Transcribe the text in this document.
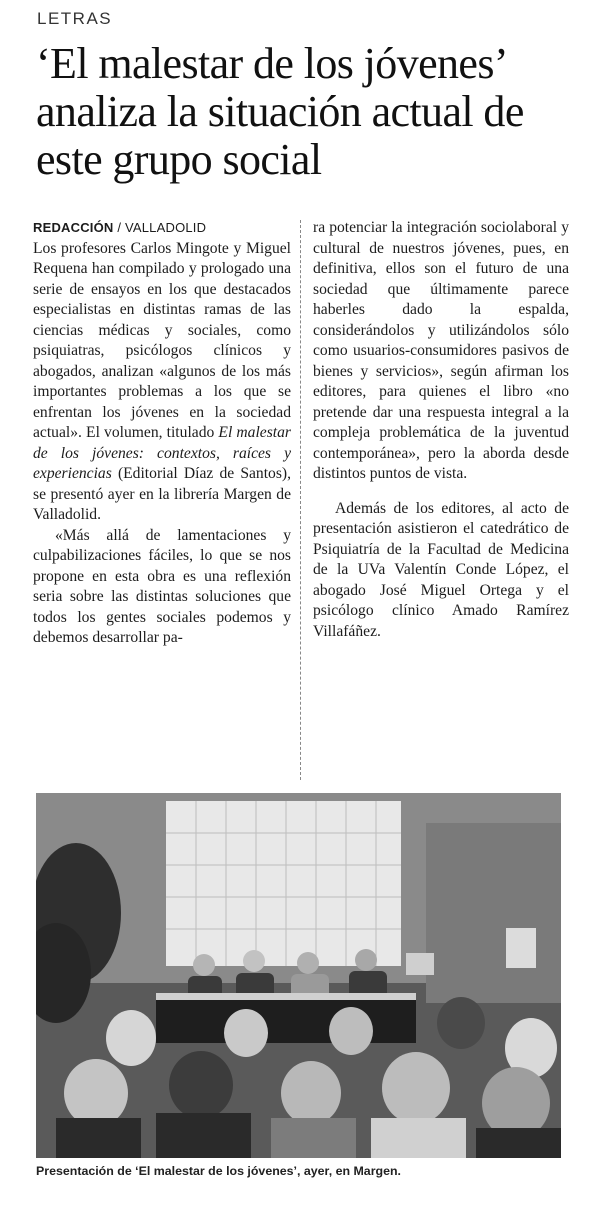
LETRAS
‘El malestar de los jóvenes’ analiza la situación actual de este grupo social
REDACCIÓN / VALLADOLID

Los profesores Carlos Mingote y Miguel Requena han compilado y prologado una serie de ensayos en los que destacados especialistas en distintas ramas de las ciencias médicas y sociales, como psiquiatras, psicólogos clínicos y abogados, analizan «algunos de los más importantes problemas a los que se enfrentan los jóvenes en la sociedad actual». El volumen, titulado El malestar de los jóvenes: contextos, raíces y experiencias (Editorial Díaz de Santos), se presentó ayer en la librería Margen de Valladolid.

«Más allá de lamentaciones y culpabilizaciones fáciles, lo que se nos propone en esta obra es una reflexión seria sobre las distintas soluciones que todos los gentes sociales podemos y debemos desarrollar pa-

ra potenciar la integración sociolaboral y cultural de nuestros jóvenes, pues, en definitiva, ellos son el futuro de una sociedad que últimamente parece haberles dado la espalda, considerándolos y utilizándolos sólo como usuarios-consumidores pasivos de bienes y servicios», según afirman los editores, para quienes el libro «no pretende dar una respuesta integral a la compleja problemática de la juventud contemporánea», pero la aborda desde distintos puntos de vista.

Además de los editores, al acto de presentación asistieron el catedrático de Psiquiatría de la Facultad de Medicina de la UVa Valentín Conde López, el abogado José Miguel Ortega y el psicólogo clínico Amado Ramírez Villafáñez.

Presentación de ‘El malestar de los jóvenes’, ayer, en Margen.
